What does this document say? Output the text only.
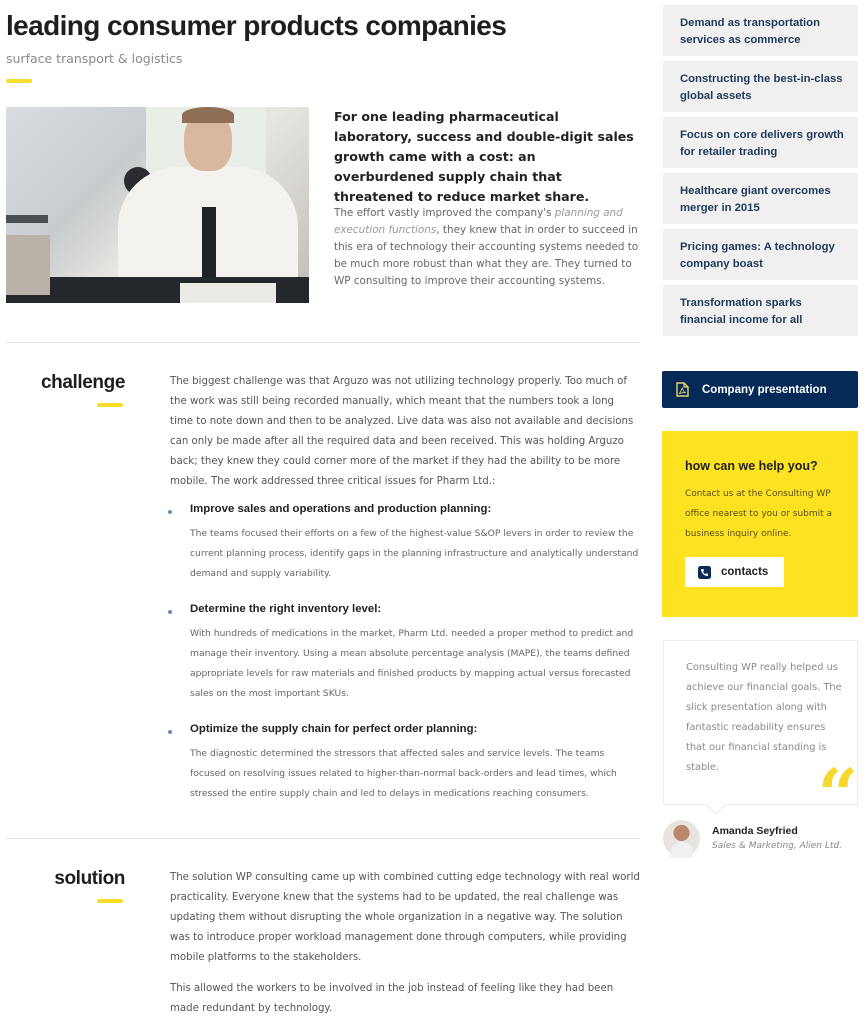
leading consumer products companies
surface transport & logistics

For one leading pharmaceutical laboratory, success and double-digit sales growth came with a cost: an overburdened supply chain that threatened to reduce market share.

The effort vastly improved the company's planning and execution functions, they knew that in order to succeed in this era of technology their accounting systems needed to be much more robust than what they are. They turned to WP consulting to improve their accounting systems.

challenge	The biggest challenge was that Arguzo was not utilizing technology properly. Too much of the work was still being recorded manually, which meant that the numbers took a long time to note down and then to be analyzed. Live data was also not available and decisions can only be made after all the required data and been received. This was holding Arguzo back; they knew they could corner more of the market if they had the ability to be more mobile. The work addressed three critical issues for Pharm Ltd.:

Improve sales and operations and production planning:

The teams focused their efforts on a few of the highest-value S&OP levers in order to review the current planning process, identify gaps in the planning infrastructure and analytically understand demand and supply variability.

Determine the right inventory level:

With hundreds of medications in the market, Pharm Ltd. needed a proper method to predict and manage their inventory. Using a mean absolute percentage analysis (MAPE), the teams defined appropriate levels for raw materials and finished products by mapping actual versus forecasted sales on the most important SKUs.

Optimize the supply chain for perfect order planning:

The diagnostic determined the stressors that affected sales and service levels. The teams focused on resolving issues related to higher-than-normal back-orders and lead times, which stressed the entire supply chain and led to delays in medications reaching consumers.

solution	The solution WP consulting came up with combined cutting edge technology with real world practicality. Everyone knew that the systems had to be updated, the real challenge was updating them without disrupting the whole organization in a negative way. The solution was to introduce proper workload management done through computers, while providing mobile platforms to the stakeholders.

This allowed the workers to be involved in the job instead of feeling like they had been made redundant by technology.

Demand as transportation services as commerce
Constructing the best-in-class global assets
Focus on core delivers growth for retailer trading
Healthcare giant overcomes merger in 2015
Pricing games: A technology company boast
Transformation sparks financial income for all
Company presentation
how can we help you?

Contact us at the Consulting WP office nearest to you or submit a business inquiry online.

contacts

Consulting WP really helped us achieve our financial goals. The slick presentation along with fantastic readability ensures that our financial standing is stable.	“
Amanda Seyfried
Sales & Marketing, Alien Ltd.
